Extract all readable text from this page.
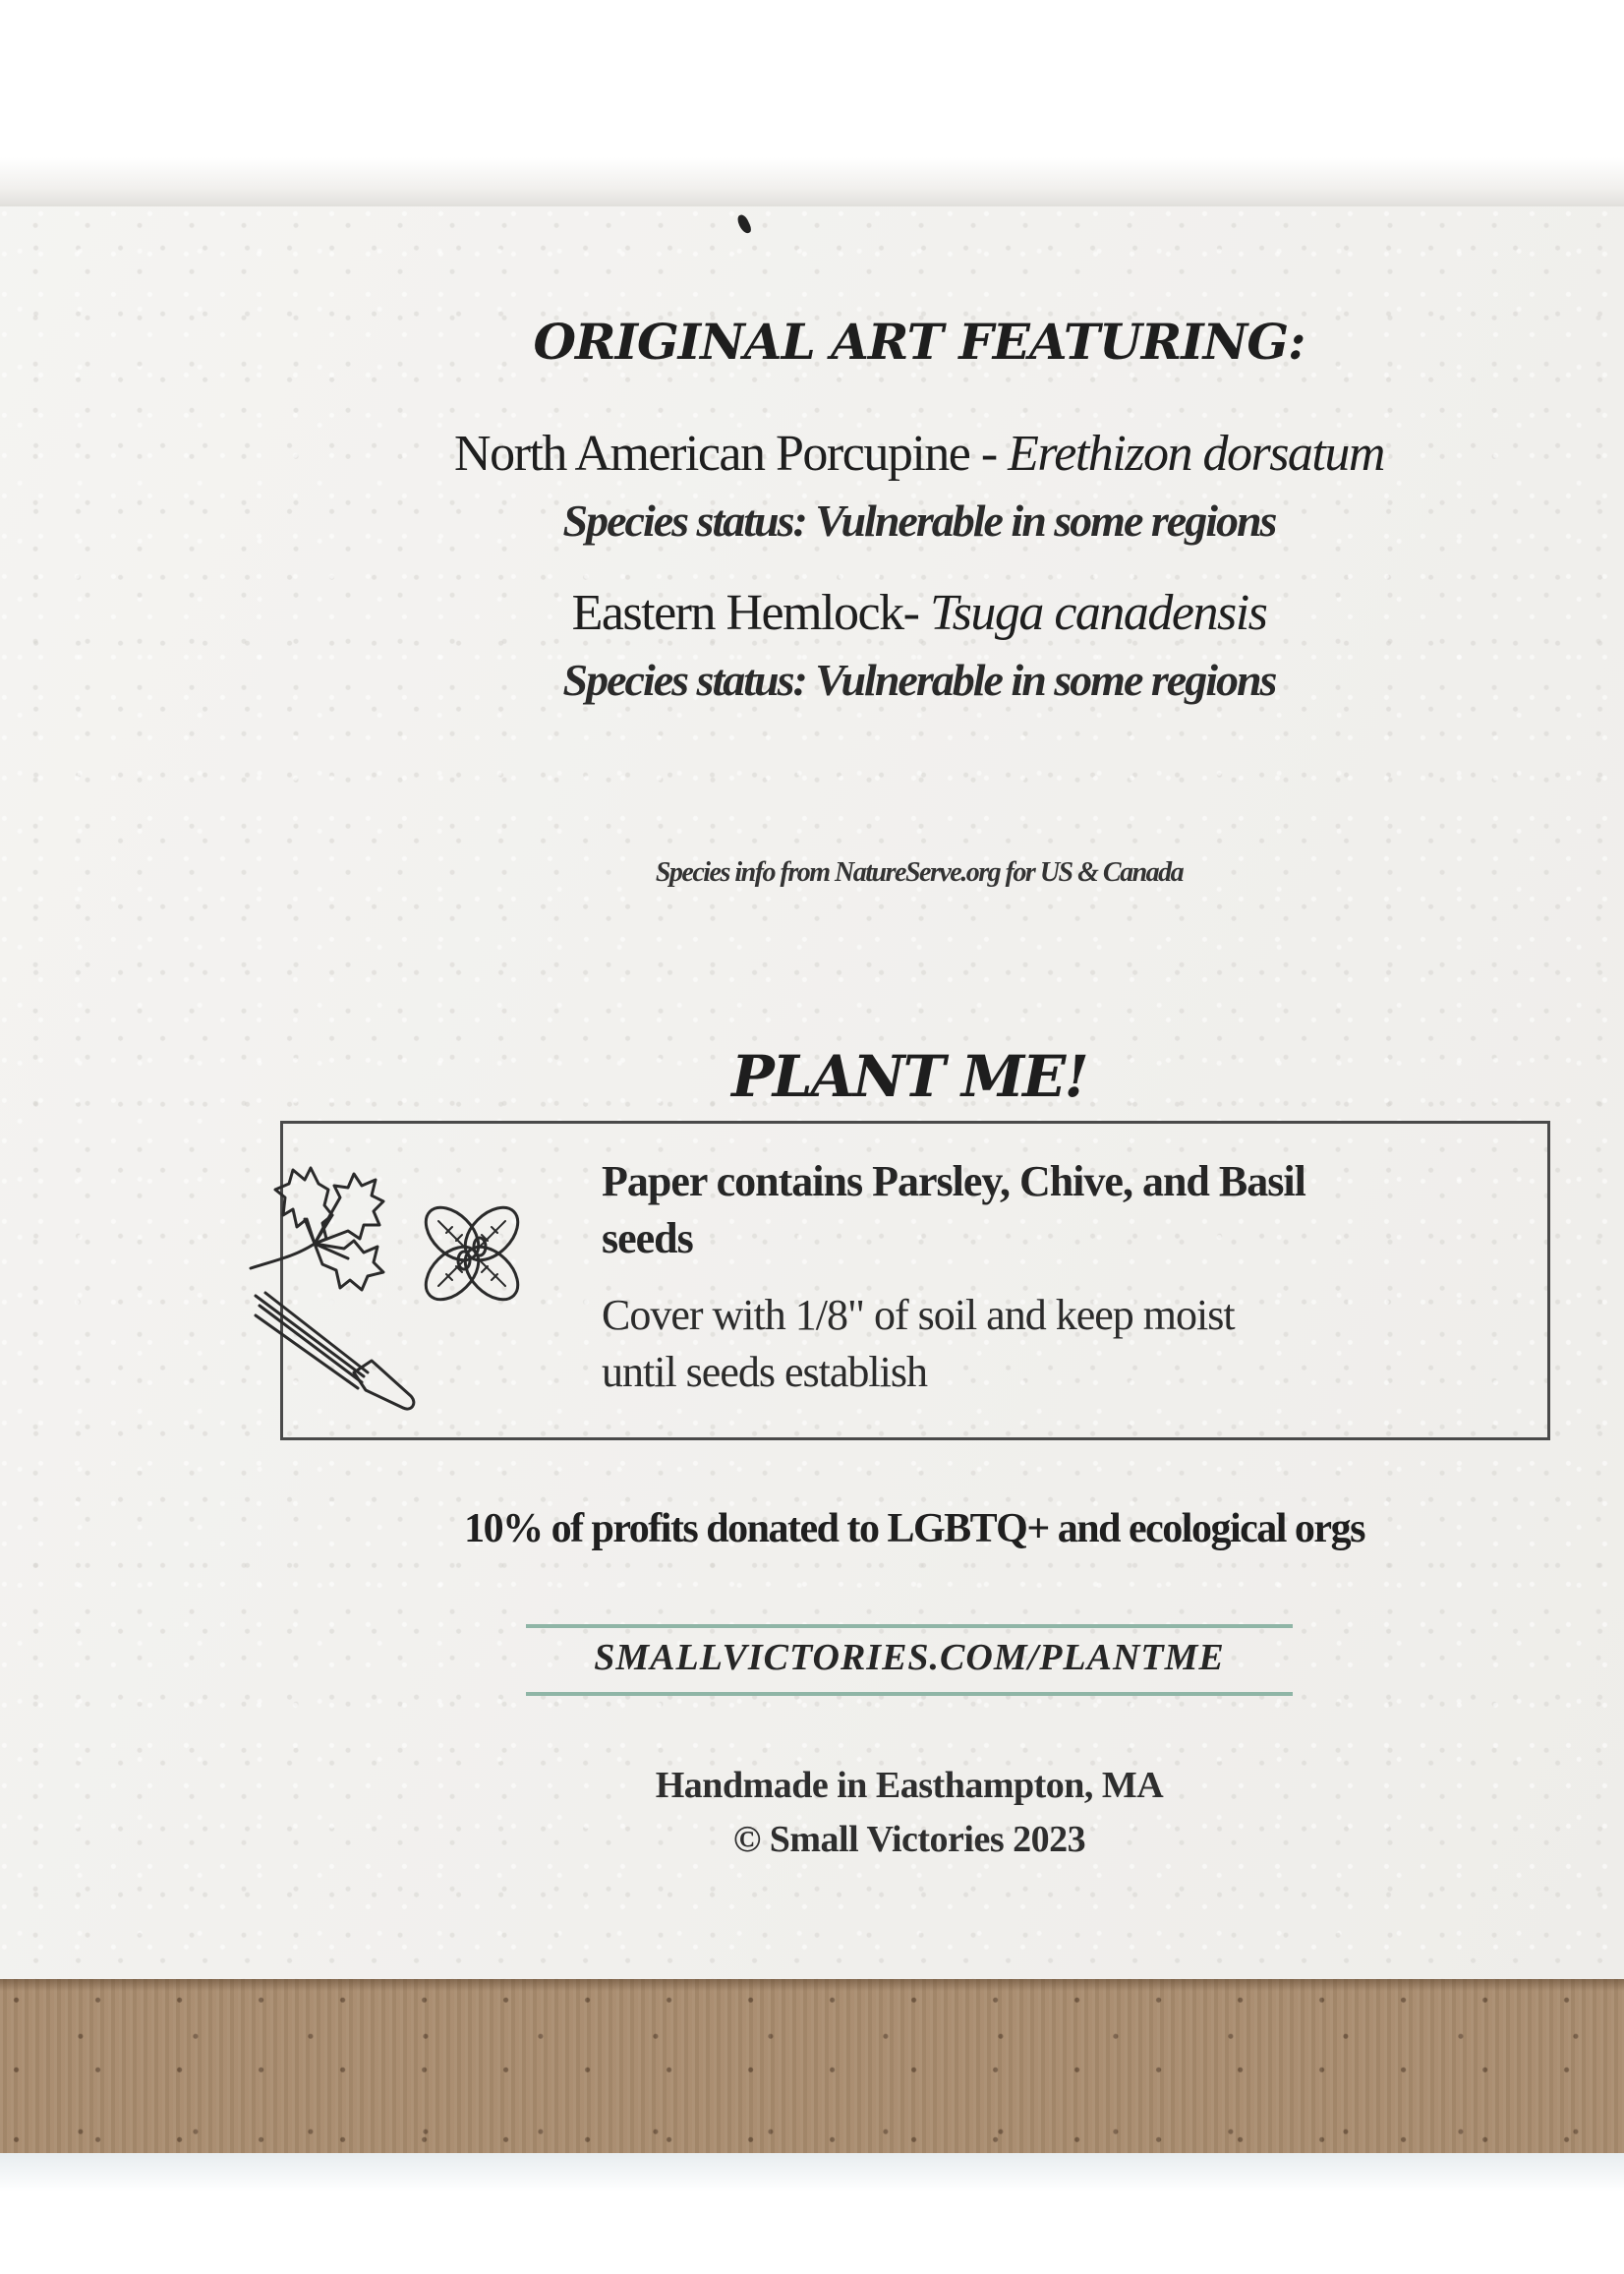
ORIGINAL ART FEATURING:
North American Porcupine - Erethizon dorsatum
Species status: Vulnerable in some regions
Eastern Hemlock- Tsuga canadensis
Species status: Vulnerable in some regions
Species info from NatureServe.org for US & Canada
PLANT ME!
Paper contains Parsley, Chive, and Basil
seeds
Cover with 1/8" of soil and keep moist
until seeds establish
10% of profits donated to LGBTQ+ and ecological orgs
SMALLVICTORIES.COM/PLANTME
Handmade in Easthampton, MA
© Small Victories 2023
